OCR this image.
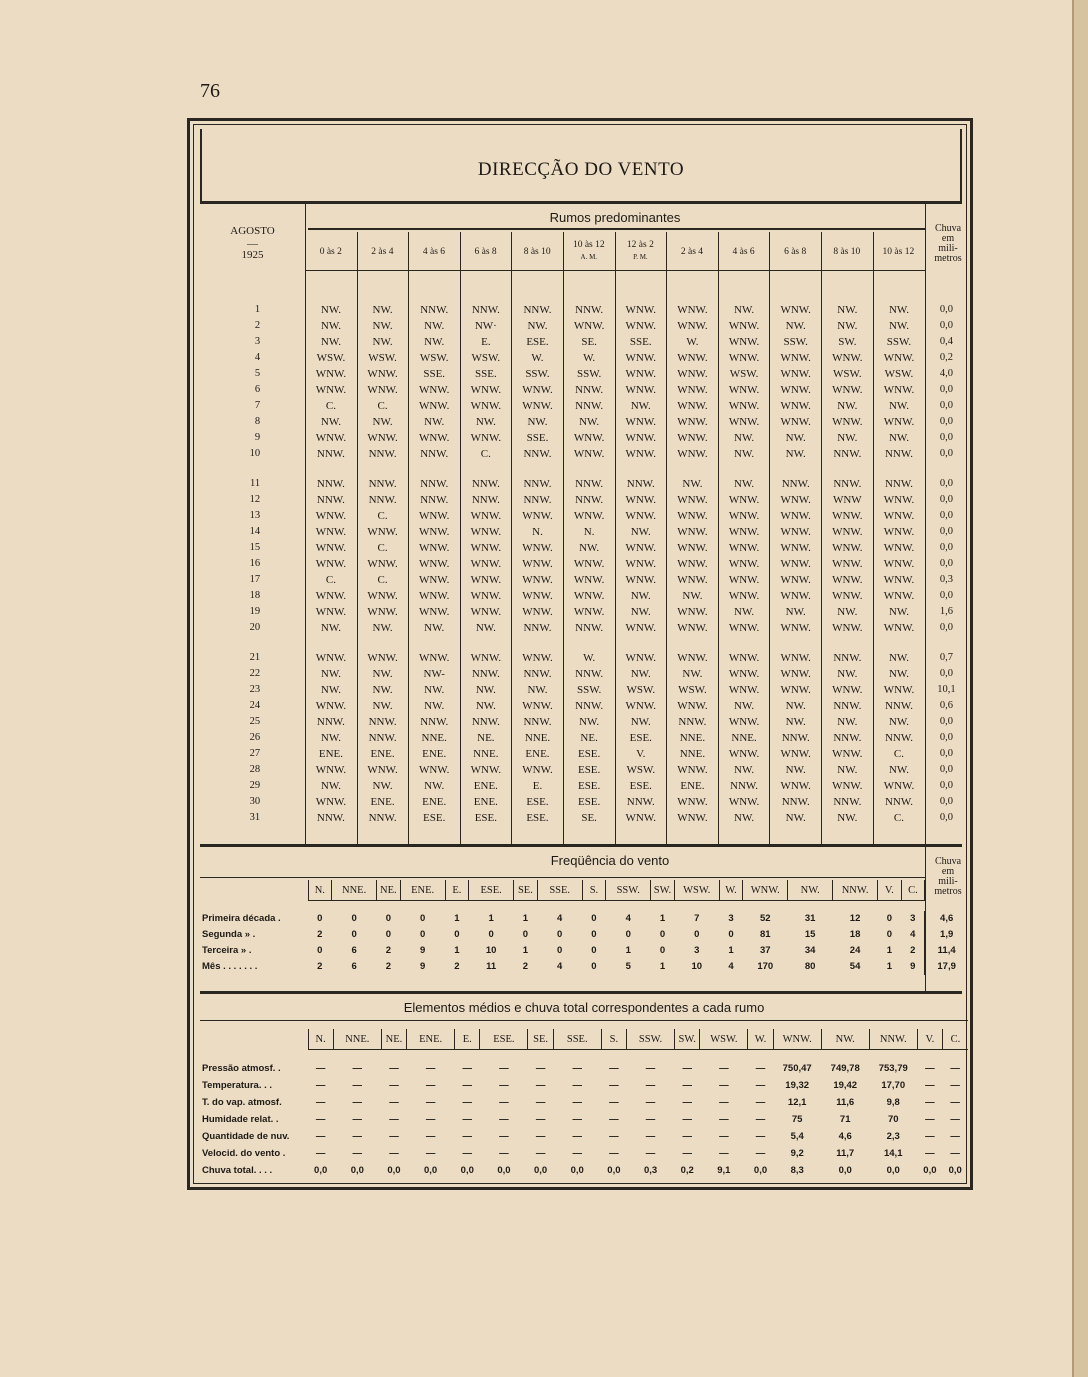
76
DIRECÇÃO DO VENTO
AGOSTO
—
1925
Rumos predominantes
Chuva
em
mili-
metros
0 às 2	2 às 4	4 às 6	6 às 8	8 às 10
10 às 12
A. M.
12 às 2
P. M.	2 às 4	4 às 6	6 às 8	8 às 10	10 às 12
1	NW.	NW.	NNW.	NNW.	NNW.	NNW.	WNW.	WNW.	NW.	WNW.	NW.	NW.	0,0
2	NW.	NW.	NW.	NW·	NW.	WNW.	WNW.	WNW.	WNW.	NW.	NW.	NW.	0,0
3	NW.	NW.	NW.	E.	ESE.	SE.	SSE.	W.	WNW.	SSW.	SW.	SSW.	0,4
4	WSW.	WSW.	WSW.	WSW.	W.	W.	WNW.	WNW.	WNW.	WNW.	WNW.	WNW.	0,2
5	WNW.	WNW.	SSE.	SSE.	SSW.	SSW.	WNW.	WNW.	WSW.	WNW.	WSW.	WSW.	4,0
6	WNW.	WNW.	WNW.	WNW.	WNW.	NNW.	WNW.	WNW.	WNW.	WNW.	WNW.	WNW.	0,0
7	C.	C.	WNW.	WNW.	WNW.	NNW.	NW.	WNW.	WNW.	WNW.	NW.	NW.	0,0
8	NW.	NW.	NW.	NW.	NW.	NW.	WNW.	WNW.	WNW.	WNW.	WNW.	WNW.	0,0
9	WNW.	WNW.	WNW.	WNW.	SSE.	WNW.	WNW.	WNW.	NW.	NW.	NW.	NW.	0,0
10	NNW.	NNW.	NNW.	C.	NNW.	WNW.	WNW.	WNW.	NW.	NW.	NNW.	NNW.	0,0

11	NNW.	NNW.	NNW.	NNW.	NNW.	NNW.	NNW.	NW.	NW.	NNW.	NNW.	NNW.	0,0
12	NNW.	NNW.	NNW.	NNW.	NNW.	NNW.	WNW.	WNW.	WNW.	WNW.	WNW	WNW.	0,0
13	WNW.	C.	WNW.	WNW.	WNW.	WNW.	WNW.	WNW.	WNW.	WNW.	WNW.	WNW.	0,0
14	WNW.	WNW.	WNW.	WNW.	N.	N.	NW.	WNW.	WNW.	WNW.	WNW.	WNW.	0,0
15	WNW.	C.	WNW.	WNW.	WNW.	NW.	WNW.	WNW.	WNW.	WNW.	WNW.	WNW.	0,0
16	WNW.	WNW.	WNW.	WNW.	WNW.	WNW.	WNW.	WNW.	WNW.	WNW.	WNW.	WNW.	0,0
17	C.	C.	WNW.	WNW.	WNW.	WNW.	WNW.	WNW.	WNW.	WNW.	WNW.	WNW.	0,3
18	WNW.	WNW.	WNW.	WNW.	WNW.	WNW.	NW.	NW.	WNW.	WNW.	WNW.	WNW.	0,0
19	WNW.	WNW.	WNW.	WNW.	WNW.	WNW.	NW.	WNW.	NW.	NW.	NW.	NW.	1,6
20	NW.	NW.	NW.	NW.	NNW.	NNW.	WNW.	WNW.	WNW.	WNW.	WNW.	WNW.	0,0

21	WNW.	WNW.	WNW.	WNW.	WNW.	W.	WNW.	WNW.	WNW.	WNW.	NNW.	NW.	0,7
22	NW.	NW.	NW-	NNW.	NNW.	NNW.	NW.	NW.	WNW.	WNW.	NW.	NW.	0,0
23	NW.	NW.	NW.	NW.	NW.	SSW.	WSW.	WSW.	WNW.	WNW.	WNW.	WNW.	10,1
24	WNW.	NW.	NW.	NW.	WNW.	NNW.	WNW.	WNW.	NW.	NW.	NNW.	NNW.	0,6
25	NNW.	NNW.	NNW.	NNW.	NNW.	NW.	NW.	NNW.	WNW.	NW.	NW.	NW.	0,0
26	NW.	NNW.	NNE.	NE.	NNE.	NE.	ESE.	NNE.	NNE.	NNW.	NNW.	NNW.	0,0
27	ENE.	ENE.	ENE.	NNE.	ENE.	ESE.	V.	NNE.	WNW.	WNW.	WNW.	C.	0,0
28	WNW.	WNW.	WNW.	WNW.	WNW.	ESE.	WSW.	WNW.	NW.	NW.	NW.	NW.	0,0
29	NW.	NW.	NW.	ENE.	E.	ESE.	ESE.	ENE.	NNW.	WNW.	WNW.	WNW.	0,0
30	WNW.	ENE.	ENE.	ENE.	ESE.	ESE.	NNW.	WNW.	WNW.	NNW.	NNW.	NNW.	0,0
31	NNW.	NNW.	ESE.	ESE.	ESE.	SE.	WNW.	WNW.	NW.	NW.	NW.	C.	0,0
Freqüência do vento	Chuva
em
mili-
metros
	N.	NNE.	NE.	ENE.	E.	ESE.	SE.	SSE.	S.	SSW.	SW.	WSW.	W.	WNW.	NW.	NNW.	V.	C.	

Primeira década .	0	0	0	0	1	1	1	4	0	4	1	7	3	52	31	12	0	3	4,6
Segunda » .	2	0	0	0	0	0	0	0	0	0	0	0	0	81	15	18	0	4	1,9
Terceira » .	0	6	2	9	1	10	1	0	0	1	0	3	1	37	34	24	1	2	11,4
Mês . . . . . . .	2	6	2	9	2	11	2	4	0	5	1	10	4	170	80	54	1	9	17,9
Elementos médios e chuva total correspondentes a cada rumo
	N.	NNE.	NE.	ENE.	E.	ESE.	SE.	SSE.	S.	SSW.	SW.	WSW.	W.	WNW.	NW.	NNW.	V.	C.

Pressão atmosf. .	—	—	—	—	—	—	—	—	—	—	—	—	—	750,47	749,78	753,79	—	—
Temperatura. . .	—	—	—	—	—	—	—	—	—	—	—	—	—	19,32	19,42	17,70	—	—
T. do vap. atmosf.	—	—	—	—	—	—	—	—	—	—	—	—	—	12,1	11,6	9,8	—	—
Humidade relat. .	—	—	—	—	—	—	—	—	—	—	—	—	—	75	71	70	—	—
Quantidade de nuv.	—	—	—	—	—	—	—	—	—	—	—	—	—	5,4	4,6	2,3	—	—
Velocid. do vento .	—	—	—	—	—	—	—	—	—	—	—	—	—	9,2	11,7	14,1	—	—
Chuva total. . . .	0,0	0,0	0,0	0,0	0,0	0,0	0,0	0,0	0,0	0,3	0,2	9,1	0,0	8,3	0,0	0,0	0,0	0,0
